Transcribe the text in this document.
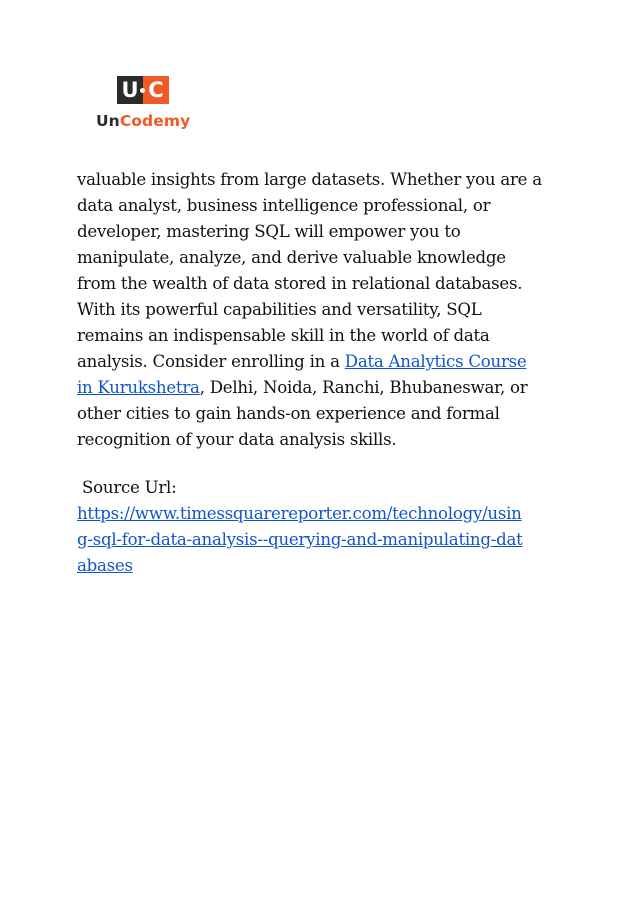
U C
UnCodemy
valuable insights from large datasets. Whether you are a
data analyst, business intelligence professional, or
developer, mastering SQL will empower you to
manipulate, analyze, and derive valuable knowledge
from the wealth of data stored in relational databases.
With its powerful capabilities and versatility, SQL
remains an indispensable skill in the world of data
analysis. Consider enrolling in a Data Analytics Course
in Kurukshetra, Delhi, Noida, Ranchi, Bhubaneswar, or
other cities to gain hands-on experience and formal
recognition of your data analysis skills.
Source Url:
https://www.timessquarereporter.com/technology/usin
g-sql-for-data-analysis--querying-and-manipulating-dat
abases
